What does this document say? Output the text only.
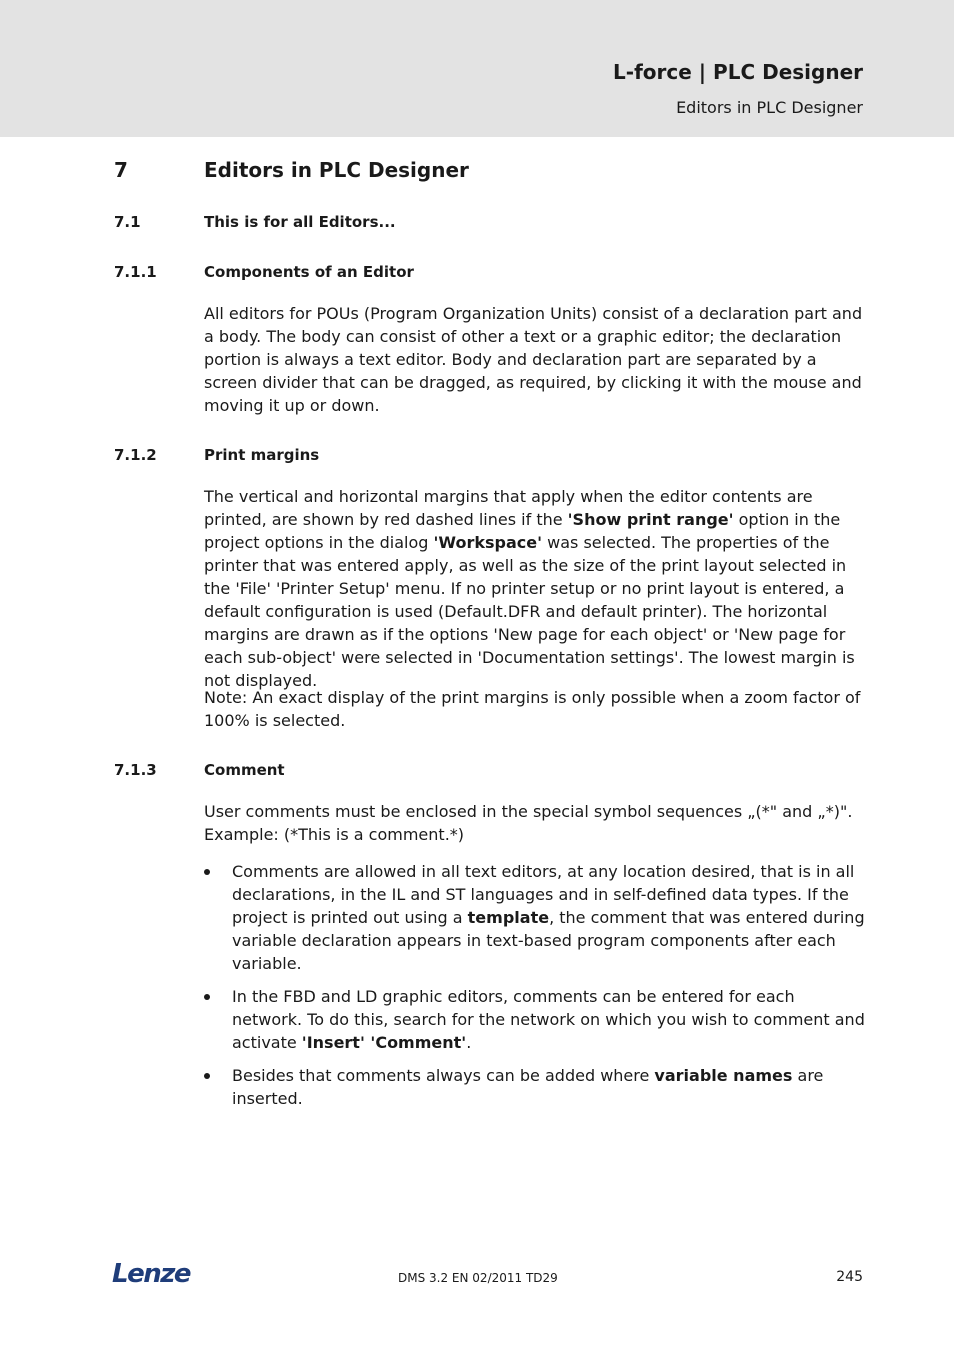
L-force | PLC Designer
Editors in PLC Designer
7	Editors in PLC Designer
7.1	This is for all Editors...
7.1.1	Components of an Editor
All editors for POUs (Program Organization Units) consist of a declaration part and a body. The body can consist of other a text or a graphic editor; the declaration portion is always a text editor. Body and declaration part are separated by a screen divider that can be dragged, as required, by clicking it with the mouse and moving it up or down.
7.1.2	Print margins
The vertical and horizontal margins that apply when the editor contents are printed, are shown by red dashed lines if the 'Show print range' option in the project options in the dialog 'Workspace' was selected. The properties of the printer that was entered apply, as well as the size of the print layout selected in the 'File' 'Printer Setup' menu. If no printer setup or no print layout is entered, a default configuration is used (Default.DFR and default printer). The horizontal margins are drawn as if the options 'New page for each object' or 'New page for each sub-object' were selected in 'Documentation settings'. The lowest margin is not displayed.
Note: An exact display of the print margins is only possible when a zoom factor of 100% is selected.
7.1.3	Comment
User comments must be enclosed in the special symbol sequences „(*" and „*)". Example: (*This is a comment.*)
Comments are allowed in all text editors, at any location desired, that is in all declarations, in the IL and ST languages and in self-defined data types. If the project is printed out using a template, the comment that was entered during variable declaration appears in text-based program components after each variable.
In the FBD and LD graphic editors, comments can be entered for each network. To do this, search for the network on which you wish to comment and activate 'Insert' 'Comment'.
Besides that comments always can be added where variable names are inserted.
Lenze	DMS 3.2 EN 02/2011 TD29	245
